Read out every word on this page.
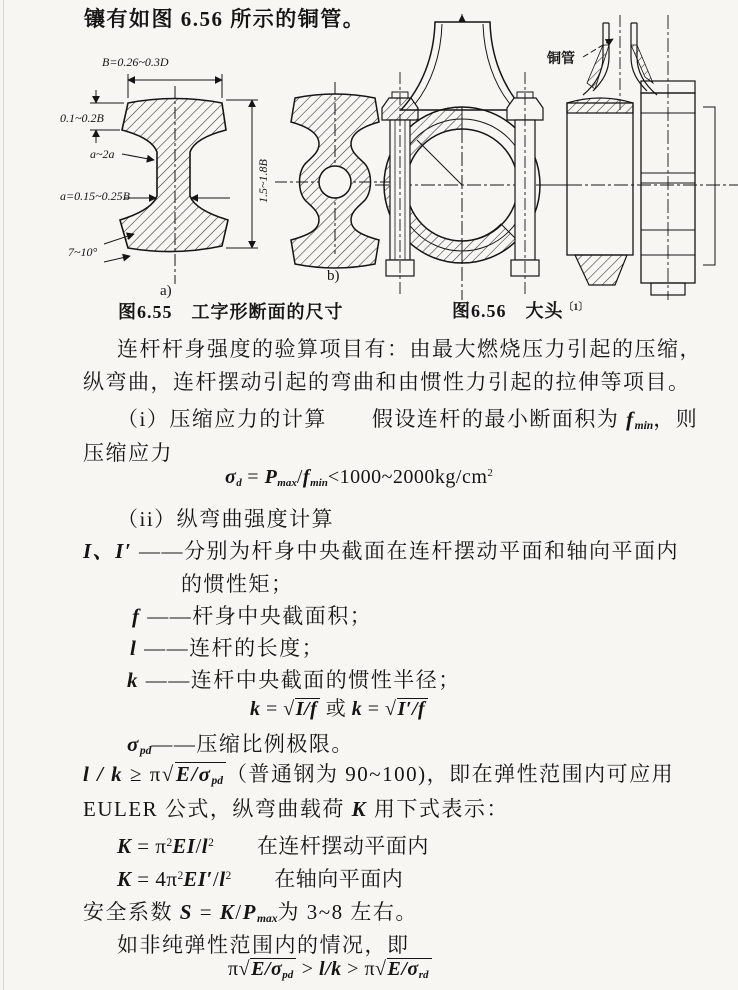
镶有如图 6.56 所示的铜管。
B=0.26~0.3D
0.1~0.2B
a~2a
a=0.15~0.25B
7~10°
1.5~1.8B
a)
b)
铜管
图6.55　工字形断面的尺寸	图6.56　大头$^{〔1〕}$
连杆杆身强度的验算项目有：由最大燃烧压力引起的压缩，
纵弯曲，连杆摆动引起的弯曲和由惯性力引起的拉伸等项目。
（i）压缩应力的计算　　假设连杆的最小断面积为 $f_{min}$，则
压缩应力
$\sigma_d$ = $P_{max}/f_{min}<1000\sim 2000kg/cm^2$
（ii）纵弯曲强度计算
I、I′ ——分别为杆身中央截面在连杆摆动平面和轴向平面内
的惯性矩；
f ——杆身中央截面积；
l ——连杆的长度；
k ——连杆中央截面的惯性半径；
k = √I/f 或 k = √I′/f
$\sigma_{pd}——$压缩比例极限。
$l / k \ge \pi√E/\sigma_{pd}$ （普通钢为 90~100)，即在弹性范围内可应用
EULER 公式，纵弯曲载荷 K 用下式表示：
$K = \pi^2EI/l^2$　　在连杆摆动平面内
$K = 4\pi^2EI'/l^2$　　在轴向平面内
安全系数 $S = K/P_{max}$为 3~8 左右。
如非纯弹性范围内的情况，即
$\pi√E/\sigma_{pd} > l/k > \pi√E/\sigma_{rd}$
